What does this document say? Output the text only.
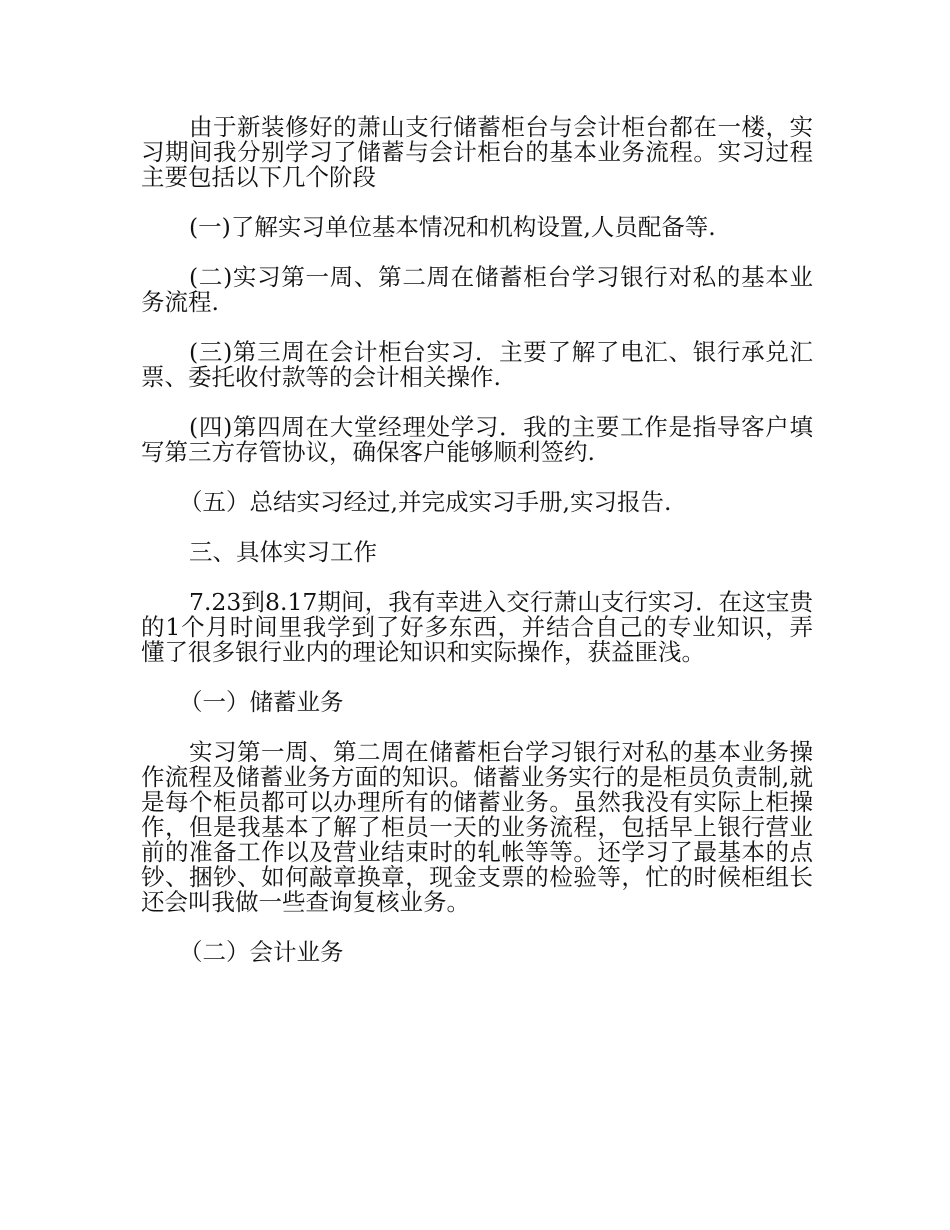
由于新装修好的萧山支行储蓄柜台与会计柜台都在一楼，实习期间我分别学习了储蓄与会计柜台的基本业务流程。实习过程主要包括以下几个阶段

(一)了解实习单位基本情况和机构设置,人员配备等.

(二)实习第一周、第二周在储蓄柜台学习银行对私的基本业务流程.

(三)第三周在会计柜台实习．主要了解了电汇、银行承兑汇票、委托收付款等的会计相关操作.

(四)第四周在大堂经理处学习．我的主要工作是指导客户填写第三方存管协议，确保客户能够顺利签约.

（五）总结实习经过,并完成实习手册,实习报告.

三、具体实习工作

7.23到8.17期间，我有幸进入交行萧山支行实习．在这宝贵的1个月时间里我学到了好多东西，并结合自己的专业知识，弄懂了很多银行业内的理论知识和实际操作，获益匪浅。

（一）储蓄业务

实习第一周、第二周在储蓄柜台学习银行对私的基本业务操作流程及储蓄业务方面的知识。储蓄业务实行的是柜员负责制,就是每个柜员都可以办理所有的储蓄业务。虽然我没有实际上柜操作，但是我基本了解了柜员一天的业务流程，包括早上银行营业前的准备工作以及营业结束时的轧帐等等。还学习了最基本的点钞、捆钞、如何敲章换章，现金支票的检验等，忙的时候柜组长还会叫我做一些查询复核业务。

（二）会计业务
